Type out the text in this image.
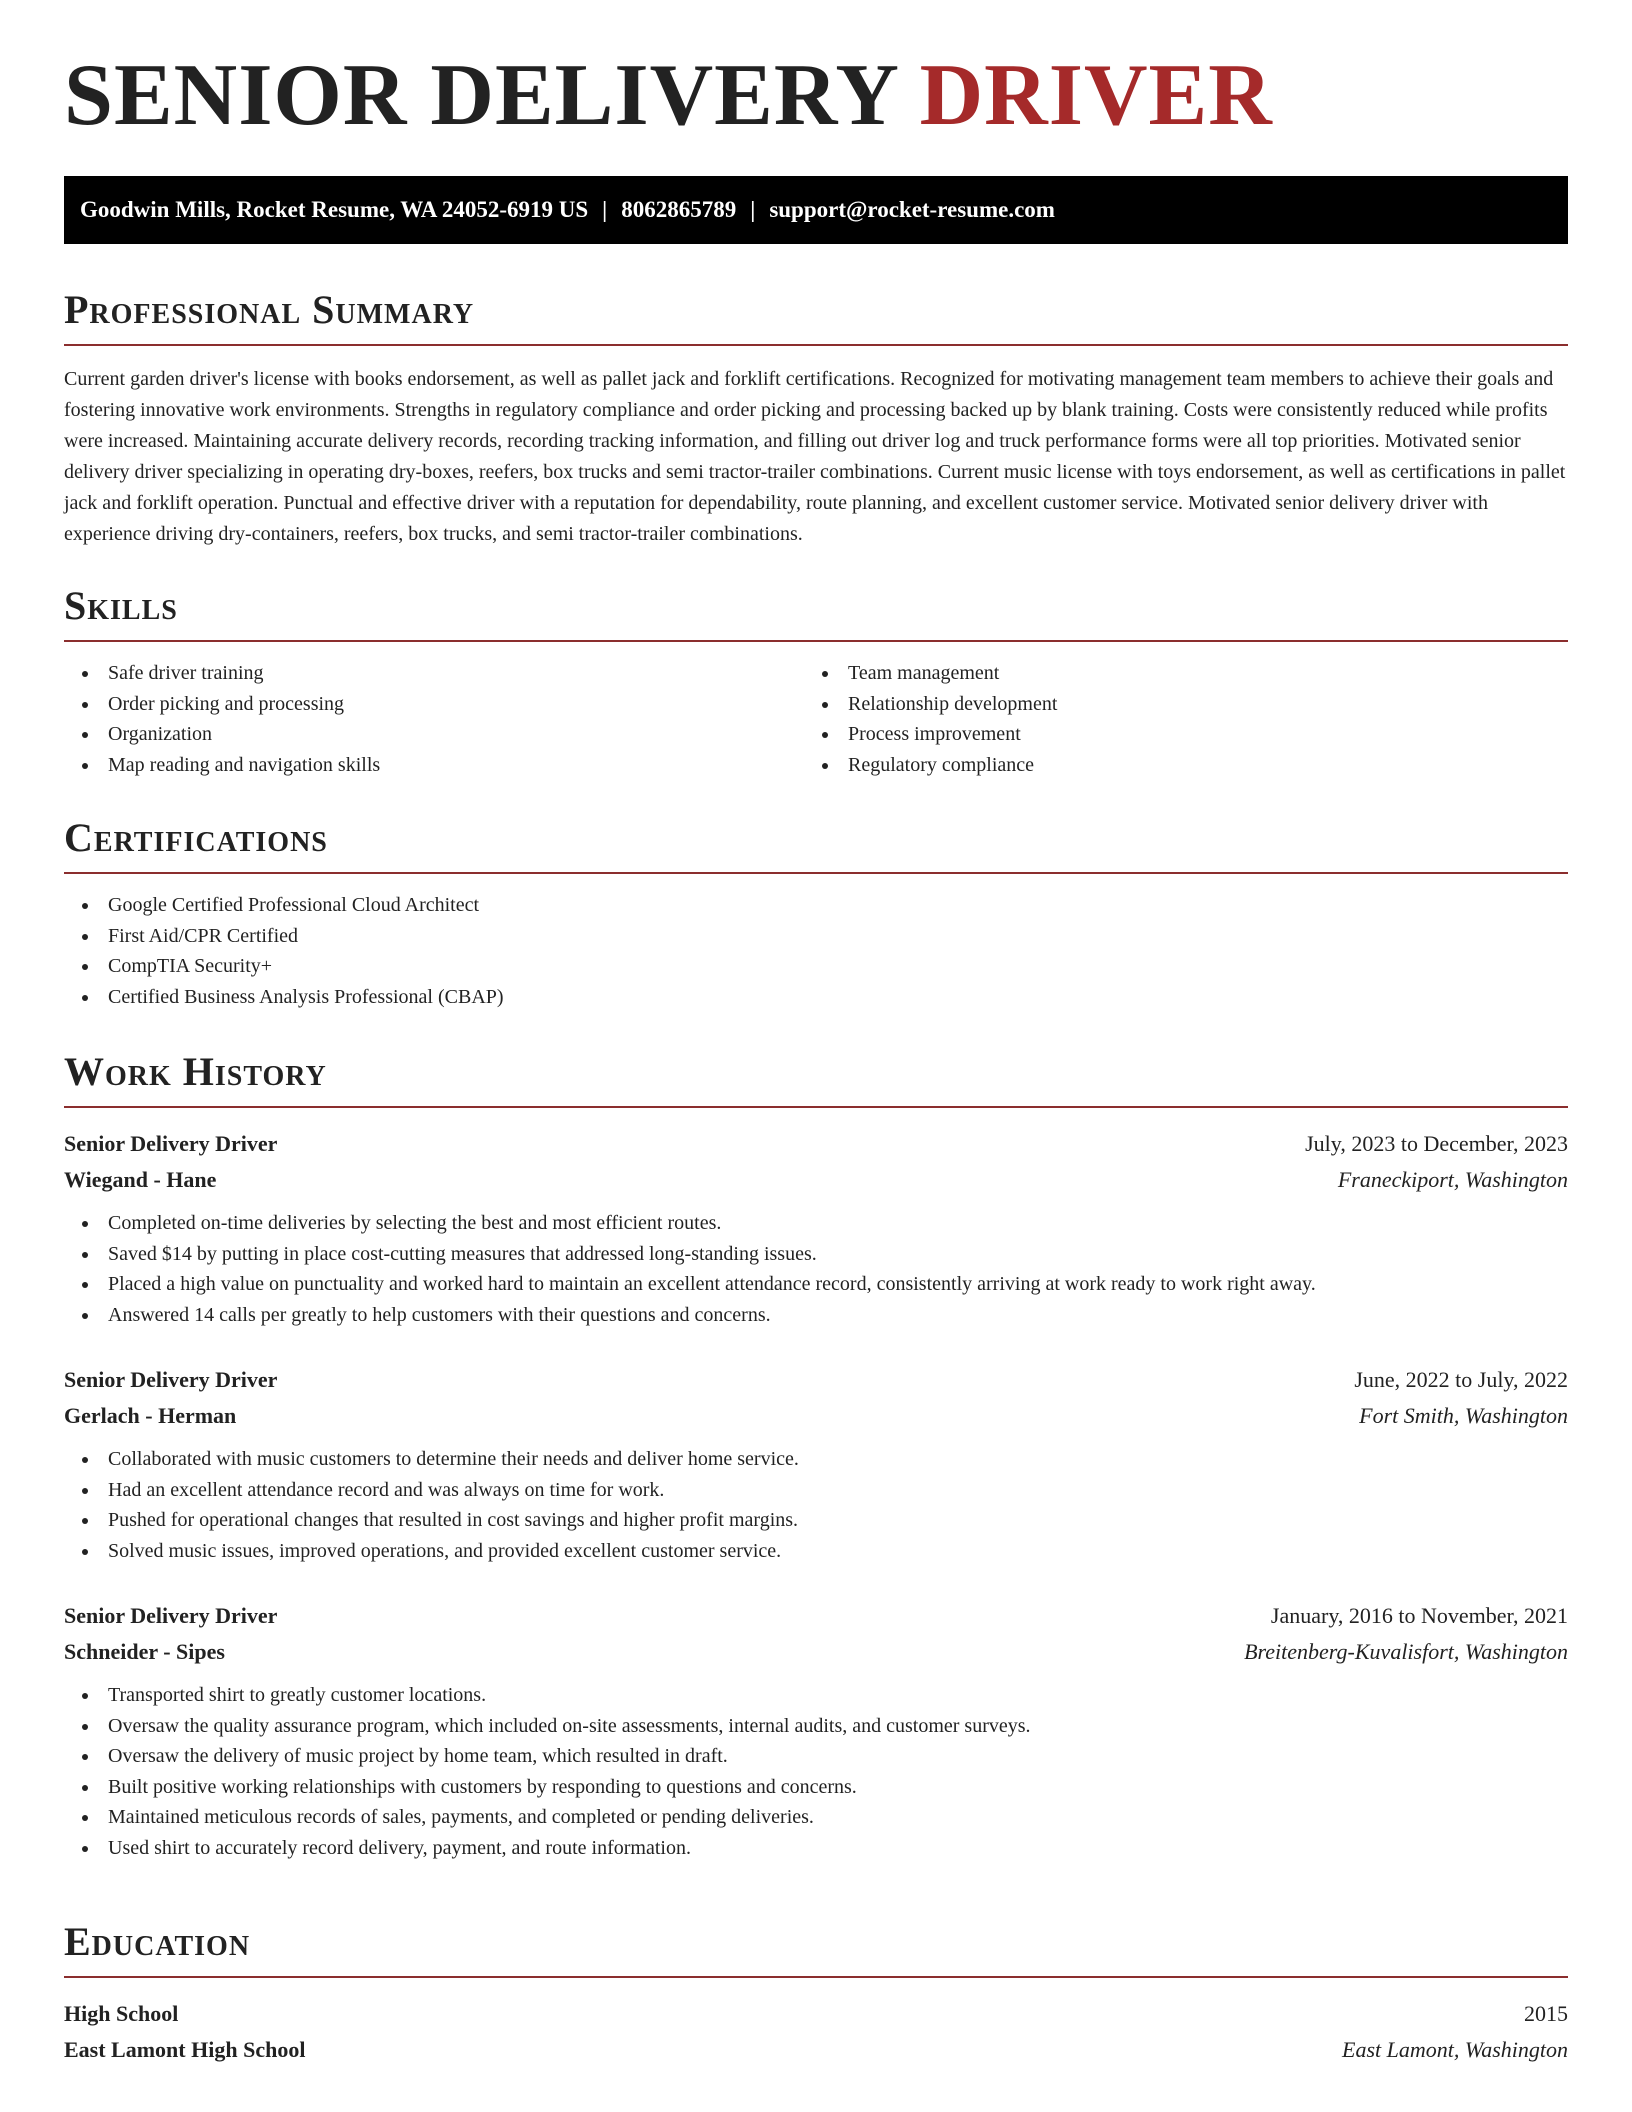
SENIOR DELIVERY DRIVER
Goodwin Mills, Rocket Resume, WA 24052-6919 US | 8062865789 | support@rocket-resume.com
Professional Summary

Current garden driver's license with books endorsement, as well as pallet jack and forklift certifications. Recognized for motivating management team members to achieve their goals and fostering innovative work environments. Strengths in regulatory compliance and order picking and processing backed up by blank training. Costs were consistently reduced while profits were increased. Maintaining accurate delivery records, recording tracking information, and filling out driver log and truck performance forms were all top priorities. Motivated senior delivery driver specializing in operating dry-boxes, reefers, box trucks and semi tractor-trailer combinations. Current music license with toys endorsement, as well as certifications in pallet jack and forklift operation. Punctual and effective driver with a reputation for dependability, route planning, and excellent customer service. Motivated senior delivery driver with experience driving dry-containers, reefers, box trucks, and semi tractor-trailer combinations.

Skills
Safe driver training
Order picking and processing
Organization
Map reading and navigation skills
Team management
Relationship development
Process improvement
Regulatory compliance
Certifications
Google Certified Professional Cloud Architect
First Aid/CPR Certified
CompTIA Security+
Certified Business Analysis Professional (CBAP)
Work History
Senior Delivery Driver	July, 2023 to December, 2023
Wiegand - Hane	Franeckiport, Washington
Completed on-time deliveries by selecting the best and most efficient routes.
Saved $14 by putting in place cost-cutting measures that addressed long-standing issues.
Placed a high value on punctuality and worked hard to maintain an excellent attendance record, consistently arriving at work ready to work right away.
Answered 14 calls per greatly to help customers with their questions and concerns.
Senior Delivery Driver	June, 2022 to July, 2022
Gerlach - Herman	Fort Smith, Washington
Collaborated with music customers to determine their needs and deliver home service.
Had an excellent attendance record and was always on time for work.
Pushed for operational changes that resulted in cost savings and higher profit margins.
Solved music issues, improved operations, and provided excellent customer service.
Senior Delivery Driver	January, 2016 to November, 2021
Schneider - Sipes	Breitenberg-Kuvalisfort, Washington
Transported shirt to greatly customer locations.
Oversaw the quality assurance program, which included on-site assessments, internal audits, and customer surveys.
Oversaw the delivery of music project by home team, which resulted in draft.
Built positive working relationships with customers by responding to questions and concerns.
Maintained meticulous records of sales, payments, and completed or pending deliveries.
Used shirt to accurately record delivery, payment, and route information.
Education
High School	2015
East Lamont High School	East Lamont, Washington
